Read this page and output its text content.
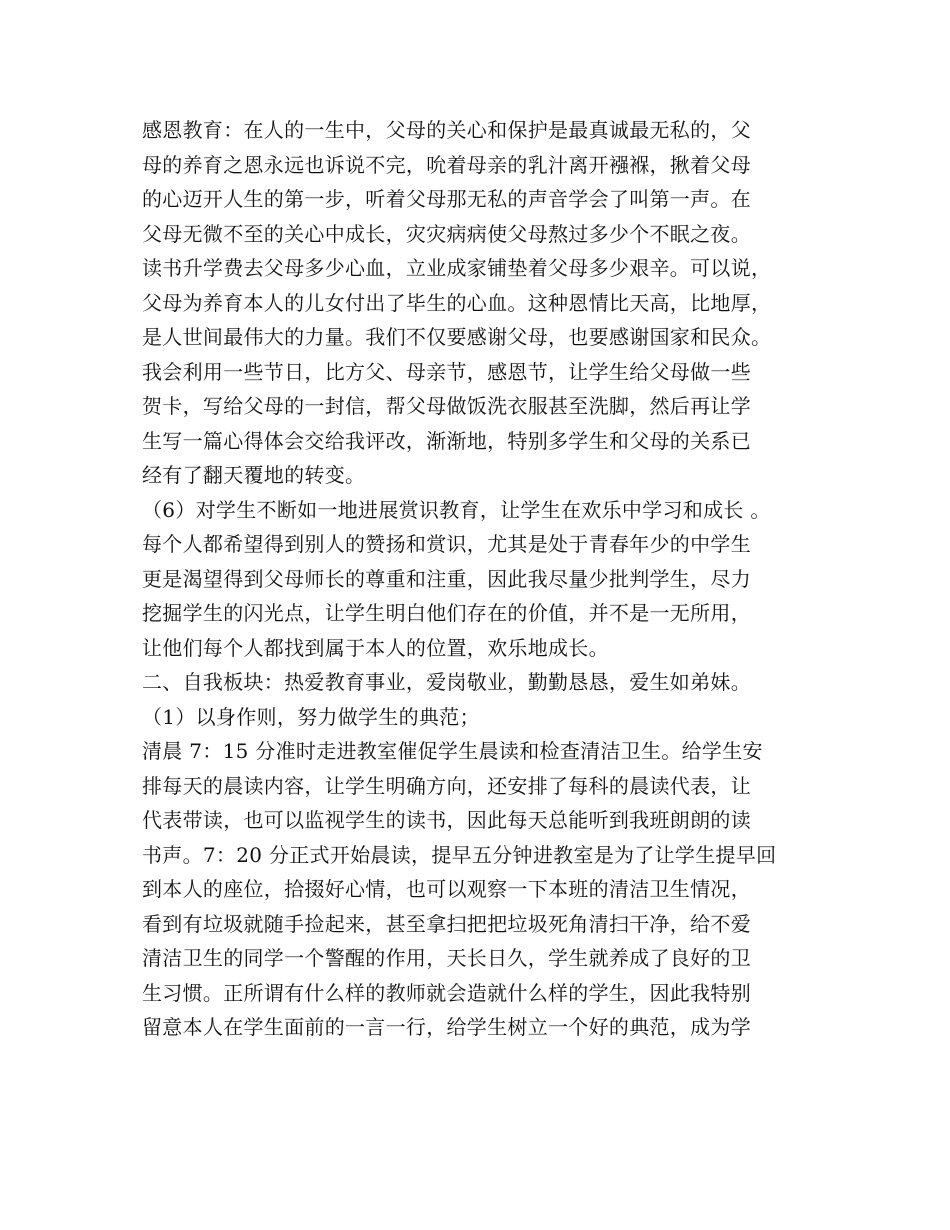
感恩教育：在人的一生中，父母的关心和保护是最真诚最无私的，父
母的养育之恩永远也诉说不完，吮着母亲的乳汁离开襁褓，揪着父母
的心迈开人生的第一步，听着父母那无私的声音学会了叫第一声。在
父母无微不至的关心中成长，灾灾病病使父母熬过多少个不眠之夜。
读书升学费去父母多少心血，立业成家铺垫着父母多少艰辛。可以说，
父母为养育本人的儿女付出了毕生的心血。这种恩情比天高，比地厚，
是人世间最伟大的力量。我们不仅要感谢父母，也要感谢国家和民众。
我会利用一些节日，比方父、母亲节，感恩节，让学生给父母做一些
贺卡，写给父母的一封信，帮父母做饭洗衣服甚至洗脚，然后再让学
生写一篇心得体会交给我评改，渐渐地，特别多学生和父母的关系已
经有了翻天覆地的转变。
（6）对学生不断如一地进展赏识教育，让学生在欢乐中学习和成长 。
每个人都希望得到别人的赞扬和赏识，尤其是处于青春年少的中学生
更是渴望得到父母师长的尊重和注重，因此我尽量少批判学生，尽力
挖掘学生的闪光点，让学生明白他们存在的价值，并不是一无所用，
让他们每个人都找到属于本人的位置，欢乐地成长。
二、自我板块：热爱教育事业，爱岗敬业，勤勤恳恳，爱生如弟妹。
（1）以身作则，努力做学生的典范；
清晨 7：15 分准时走进教室催促学生晨读和检查清洁卫生。给学生安
排每天的晨读内容，让学生明确方向，还安排了每科的晨读代表，让
代表带读，也可以监视学生的读书，因此每天总能听到我班朗朗的读
书声。7：20 分正式开始晨读，提早五分钟进教室是为了让学生提早回
到本人的座位，拾掇好心情，也可以观察一下本班的清洁卫生情况，
看到有垃圾就随手捡起来，甚至拿扫把把垃圾死角清扫干净，给不爱
清洁卫生的同学一个警醒的作用，天长日久，学生就养成了良好的卫
生习惯。正所谓有什么样的教师就会造就什么样的学生，因此我特别
留意本人在学生面前的一言一行，给学生树立一个好的典范，成为学
